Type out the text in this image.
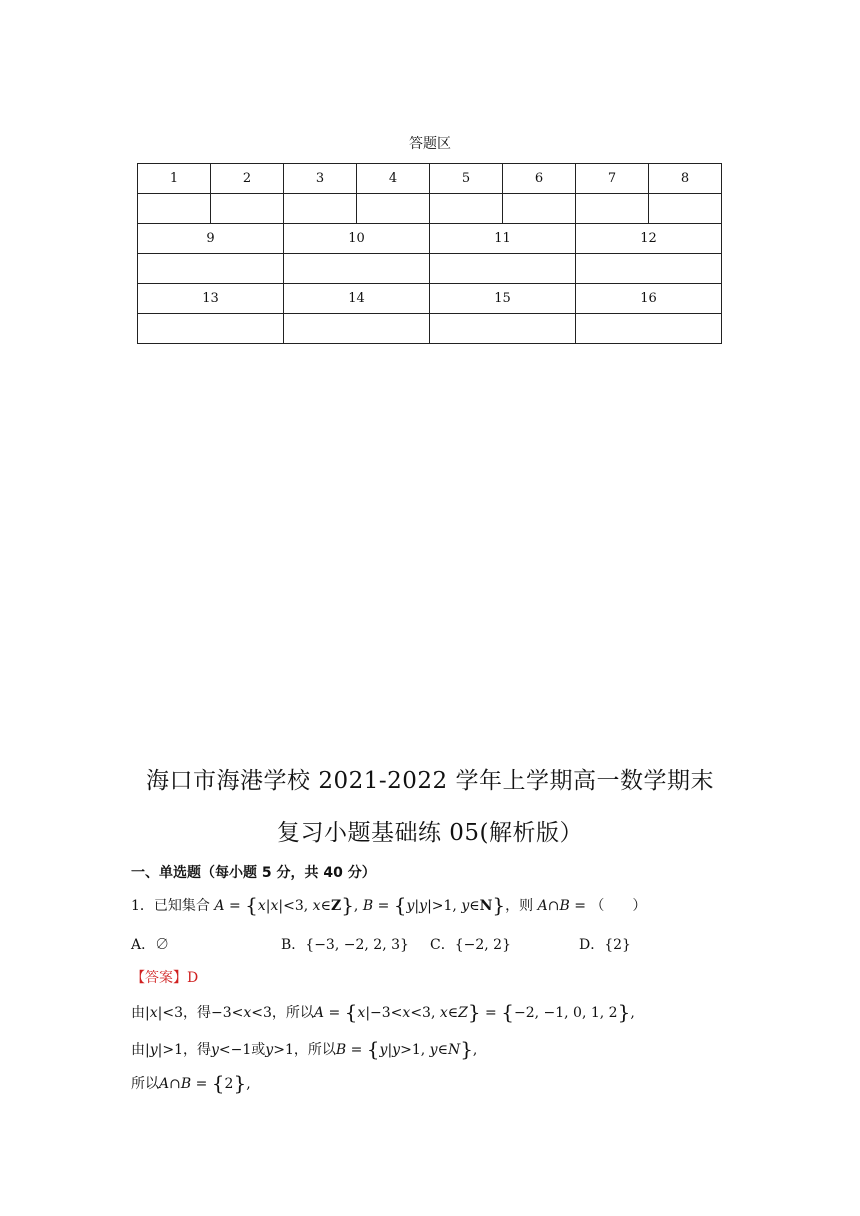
答题区
1	2	3	4	5	6	7	8

9		10		11		12	

13		14		15		16	

海口市海港学校 2021-2022 学年上学期高一数学期末
复习小题基础练 05(解析版）
一、单选题（每小题 5 分，共 40 分）
1．已知集合 A = {x|x|<3, x∈Z}, B = {y|y|>1, y∈N}，则 A∩B = （　　）
A．∅	B．{−3, −2, 2, 3} C．{−2, 2}	D．{2}
【答案】D
由|x|<3，得−3<x<3，所以A = {x|−3<x<3, x∈Z} = {−2, −1, 0, 1, 2},
由|y|>1，得y<−1或y>1，所以B = {y|y>1, y∈N},
所以A∩B = {2},
